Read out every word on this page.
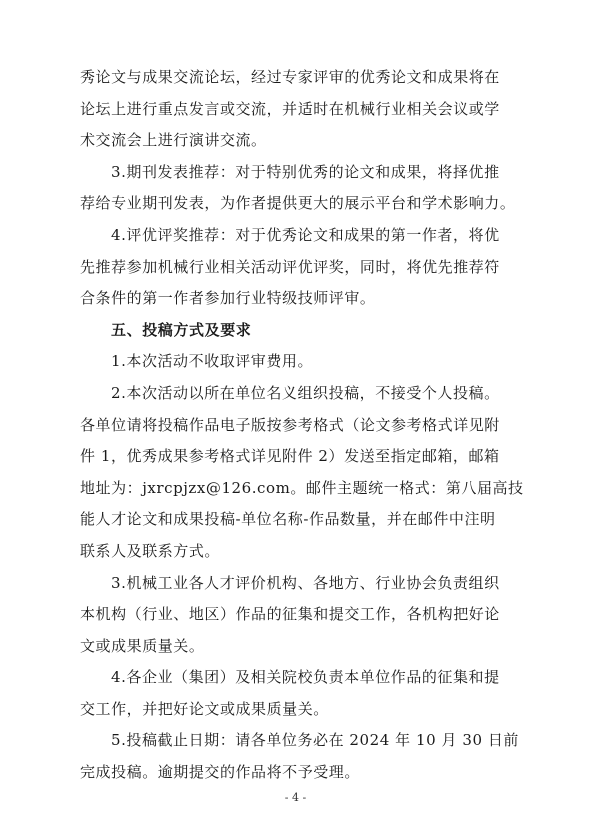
秀论文与成果交流论坛，经过专家评审的优秀论文和成果将在
论坛上进行重点发言或交流，并适时在机械行业相关会议或学
术交流会上进行演讲交流。
3.期刊发表推荐：对于特别优秀的论文和成果，将择优推
荐给专业期刊发表，为作者提供更大的展示平台和学术影响力。
4.评优评奖推荐：对于优秀论文和成果的第一作者，将优
先推荐参加机械行业相关活动评优评奖，同时，将优先推荐符
合条件的第一作者参加行业特级技师评审。
五、投稿方式及要求
1.本次活动不收取评审费用。
2.本次活动以所在单位名义组织投稿，不接受个人投稿。
各单位请将投稿作品电子版按参考格式（论文参考格式详见附
件 1，优秀成果参考格式详见附件 2）发送至指定邮箱，邮箱
地址为：jxrcpjzx@126.com。邮件主题统一格式：第八届高技
能人才论文和成果投稿-单位名称-作品数量，并在邮件中注明
联系人及联系方式。
3.机械工业各人才评价机构、各地方、行业协会负责组织
本机构（行业、地区）作品的征集和提交工作，各机构把好论
文或成果质量关。
4.各企业（集团）及相关院校负责本单位作品的征集和提
交工作，并把好论文或成果质量关。
5.投稿截止日期：请各单位务必在 2024 年 10 月 30 日前
完成投稿。逾期提交的作品将不予受理。
- 4 -
